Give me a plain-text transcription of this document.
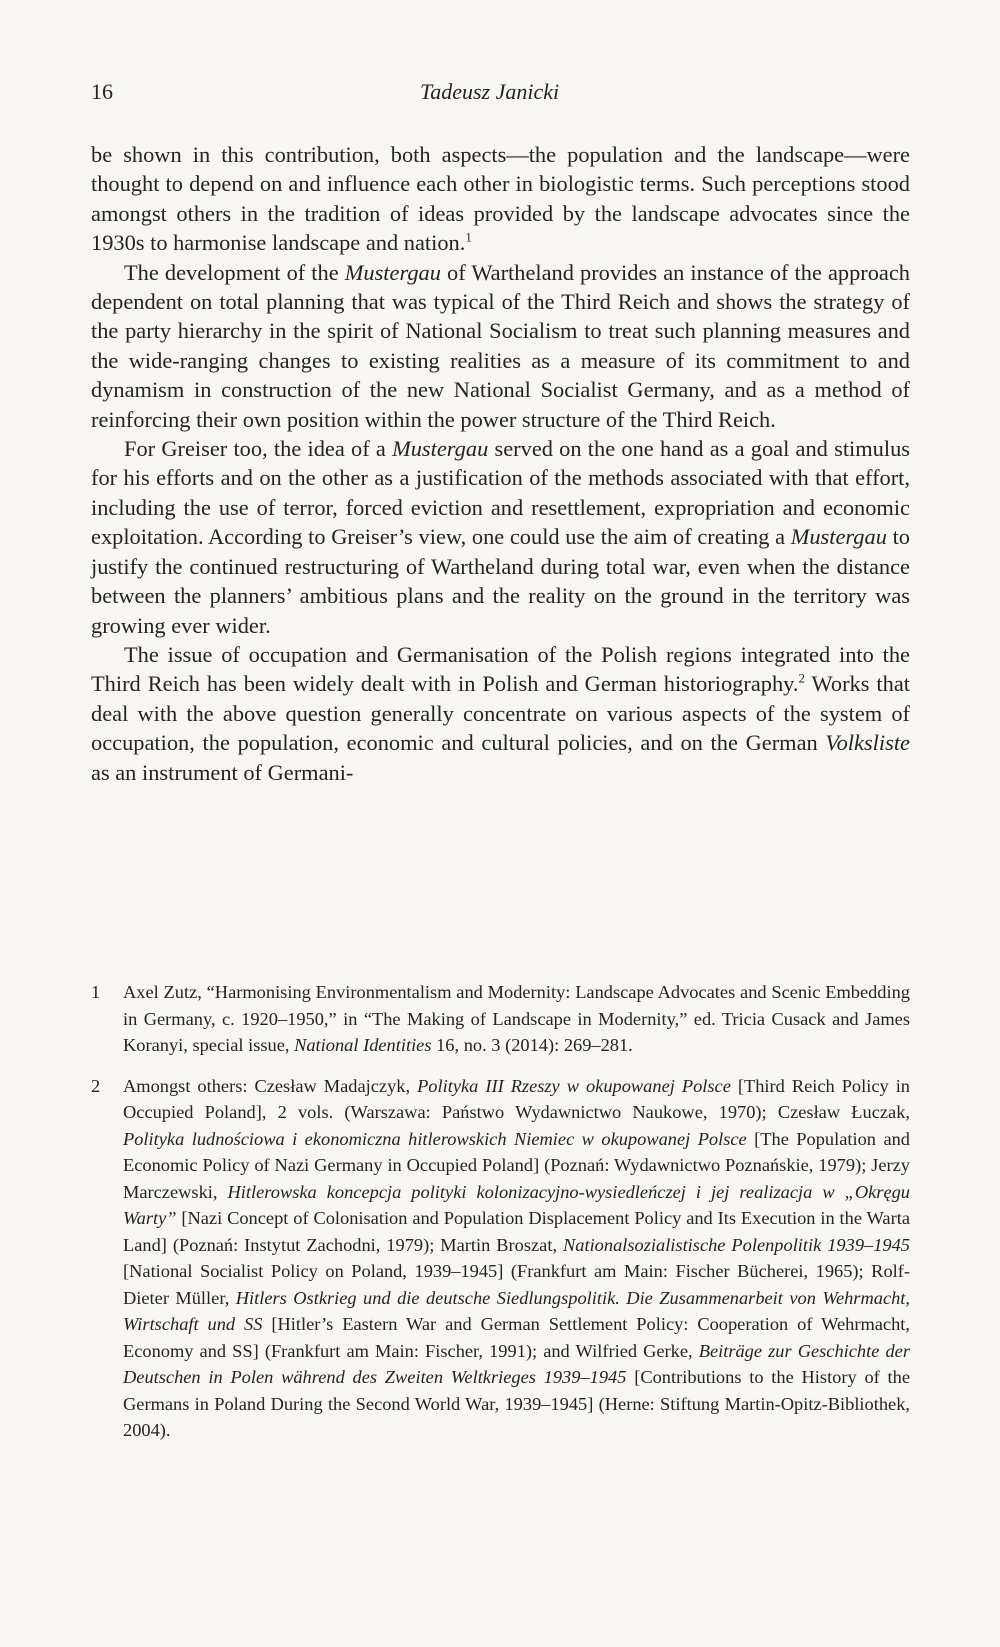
16	Tadeusz Janicki

be shown in this contribution, both aspects—the population and the landscape—were thought to depend on and influence each other in biologistic terms. Such perceptions stood amongst others in the tradition of ideas provided by the landscape advocates since the 1930s to harmonise landscape and nation.$^1$

The development of the Mustergau of Wartheland provides an instance of the approach dependent on total planning that was typical of the Third Reich and shows the strategy of the party hierarchy in the spirit of National Socialism to treat such planning measures and the wide-ranging changes to existing realities as a measure of its commitment to and dynamism in construction of the new National Socialist Germany, and as a method of reinforcing their own position within the power structure of the Third Reich.

For Greiser too, the idea of a Mustergau served on the one hand as a goal and stimulus for his efforts and on the other as a justification of the methods associated with that effort, including the use of terror, forced eviction and resettlement, expropriation and economic exploitation. According to Greiser’s view, one could use the aim of creating a Mustergau to justify the continued restructuring of Wartheland during total war, even when the distance between the planners’ ambitious plans and the reality on the ground in the territory was growing ever wider.

The issue of occupation and Germanisation of the Polish regions integrated into the Third Reich has been widely dealt with in Polish and German historiography.$^2$ Works that deal with the above question generally concentrate on various aspects of the system of occupation, the population, economic and cultural policies, and on the German Volksliste as an instrument of Germani-

1 Axel Zutz, “Harmonising Environmentalism and Modernity: Landscape Advocates and Scenic Embedding in Germany, c. 1920–1950,” in “The Making of Landscape in Modernity,” ed. Tricia Cusack and James Koranyi, special issue, National Identities 16, no. 3 (2014): 269–281.
2 Amongst others: Czesław Madajczyk, Polityka III Rzeszy w okupowanej Polsce [Third Reich Policy in Occupied Poland], 2 vols. (Warszawa: Państwo Wydawnictwo Naukowe, 1970); Czesław Łuczak, Polityka ludnościowa i ekonomiczna hitlerowskich Niemiec w okupowanej Polsce [The Population and Economic Policy of Nazi Germany in Occupied Poland] (Poznań: Wydawnictwo Poznańskie, 1979); Jerzy Marczewski, Hitlerowska koncepcja polityki kolonizacyjno-wysiedleńczej i jej realizacja w „Okręgu Warty” [Nazi Concept of Colonisation and Population Displacement Policy and Its Execution in the Warta Land] (Poznań: Instytut Zachodni, 1979); Martin Broszat, Nationalsozialistische Polenpolitik 1939–1945 [National Socialist Policy on Poland, 1939–1945] (Frankfurt am Main: Fischer Bücherei, 1965); Rolf-Dieter Müller, Hitlers Ostkrieg und die deutsche Siedlungspolitik. Die Zusammenarbeit von Wehrmacht, Wirtschaft und SS [Hitler’s Eastern War and German Settlement Policy: Cooperation of Wehrmacht, Economy and SS] (Frankfurt am Main: Fischer, 1991); and Wilfried Gerke, Beiträge zur Geschichte der Deutschen in Polen während des Zweiten Weltkrieges 1939–1945 [Contributions to the History of the Germans in Poland During the Second World War, 1939–1945] (Herne: Stiftung Martin-Opitz-Bibliothek, 2004).
